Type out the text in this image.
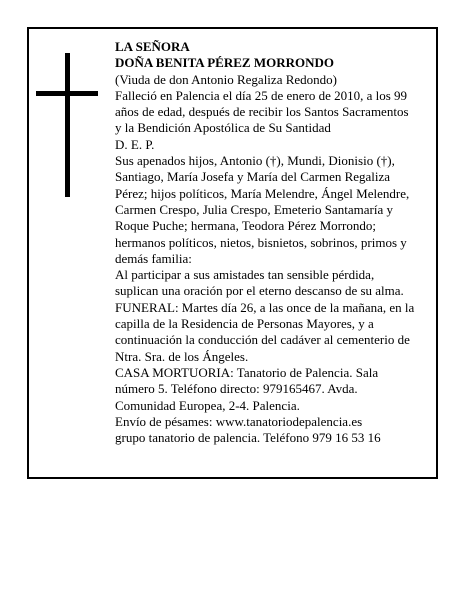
LA SEÑORA

DOÑA BENITA PÉREZ MORRONDO

(Viuda de don Antonio Regaliza Redondo)

Falleció en Palencia el día 25 de enero de 2010, a los 99 años de edad, después de recibir los Santos Sacramentos y la Bendición Apostólica de Su Santidad

D. E. P.

Sus apenados hijos, Antonio (†), Mundi, Dionisio (†), Santiago, María Josefa y María del Carmen Regaliza Pérez; hijos políticos, María Melendre, Ángel Melendre, Carmen Crespo, Julia Crespo, Emeterio Santamaría y Roque Puche; hermana, Teodora Pérez Morrondo; hermanos políticos, nietos, bisnietos, sobrinos, primos y demás familia:

Al participar a sus amistades tan sensible pérdida, suplican una oración por el eterno descanso de su alma.

FUNERAL: Martes día 26, a las once de la mañana, en la capilla de la Residencia de Personas Mayores, y a continuación la conducción del cadáver al cementerio de Ntra. Sra. de los Ángeles.

CASA MORTUORIA: Tanatorio de Palencia. Sala número 5. Teléfono directo: 979165467. Avda. Comunidad Europea, 2-4. Palencia.

Envío de pésames: www.tanatoriodepalencia.es

grupo tanatorio de palencia. Teléfono 979 16 53 16
